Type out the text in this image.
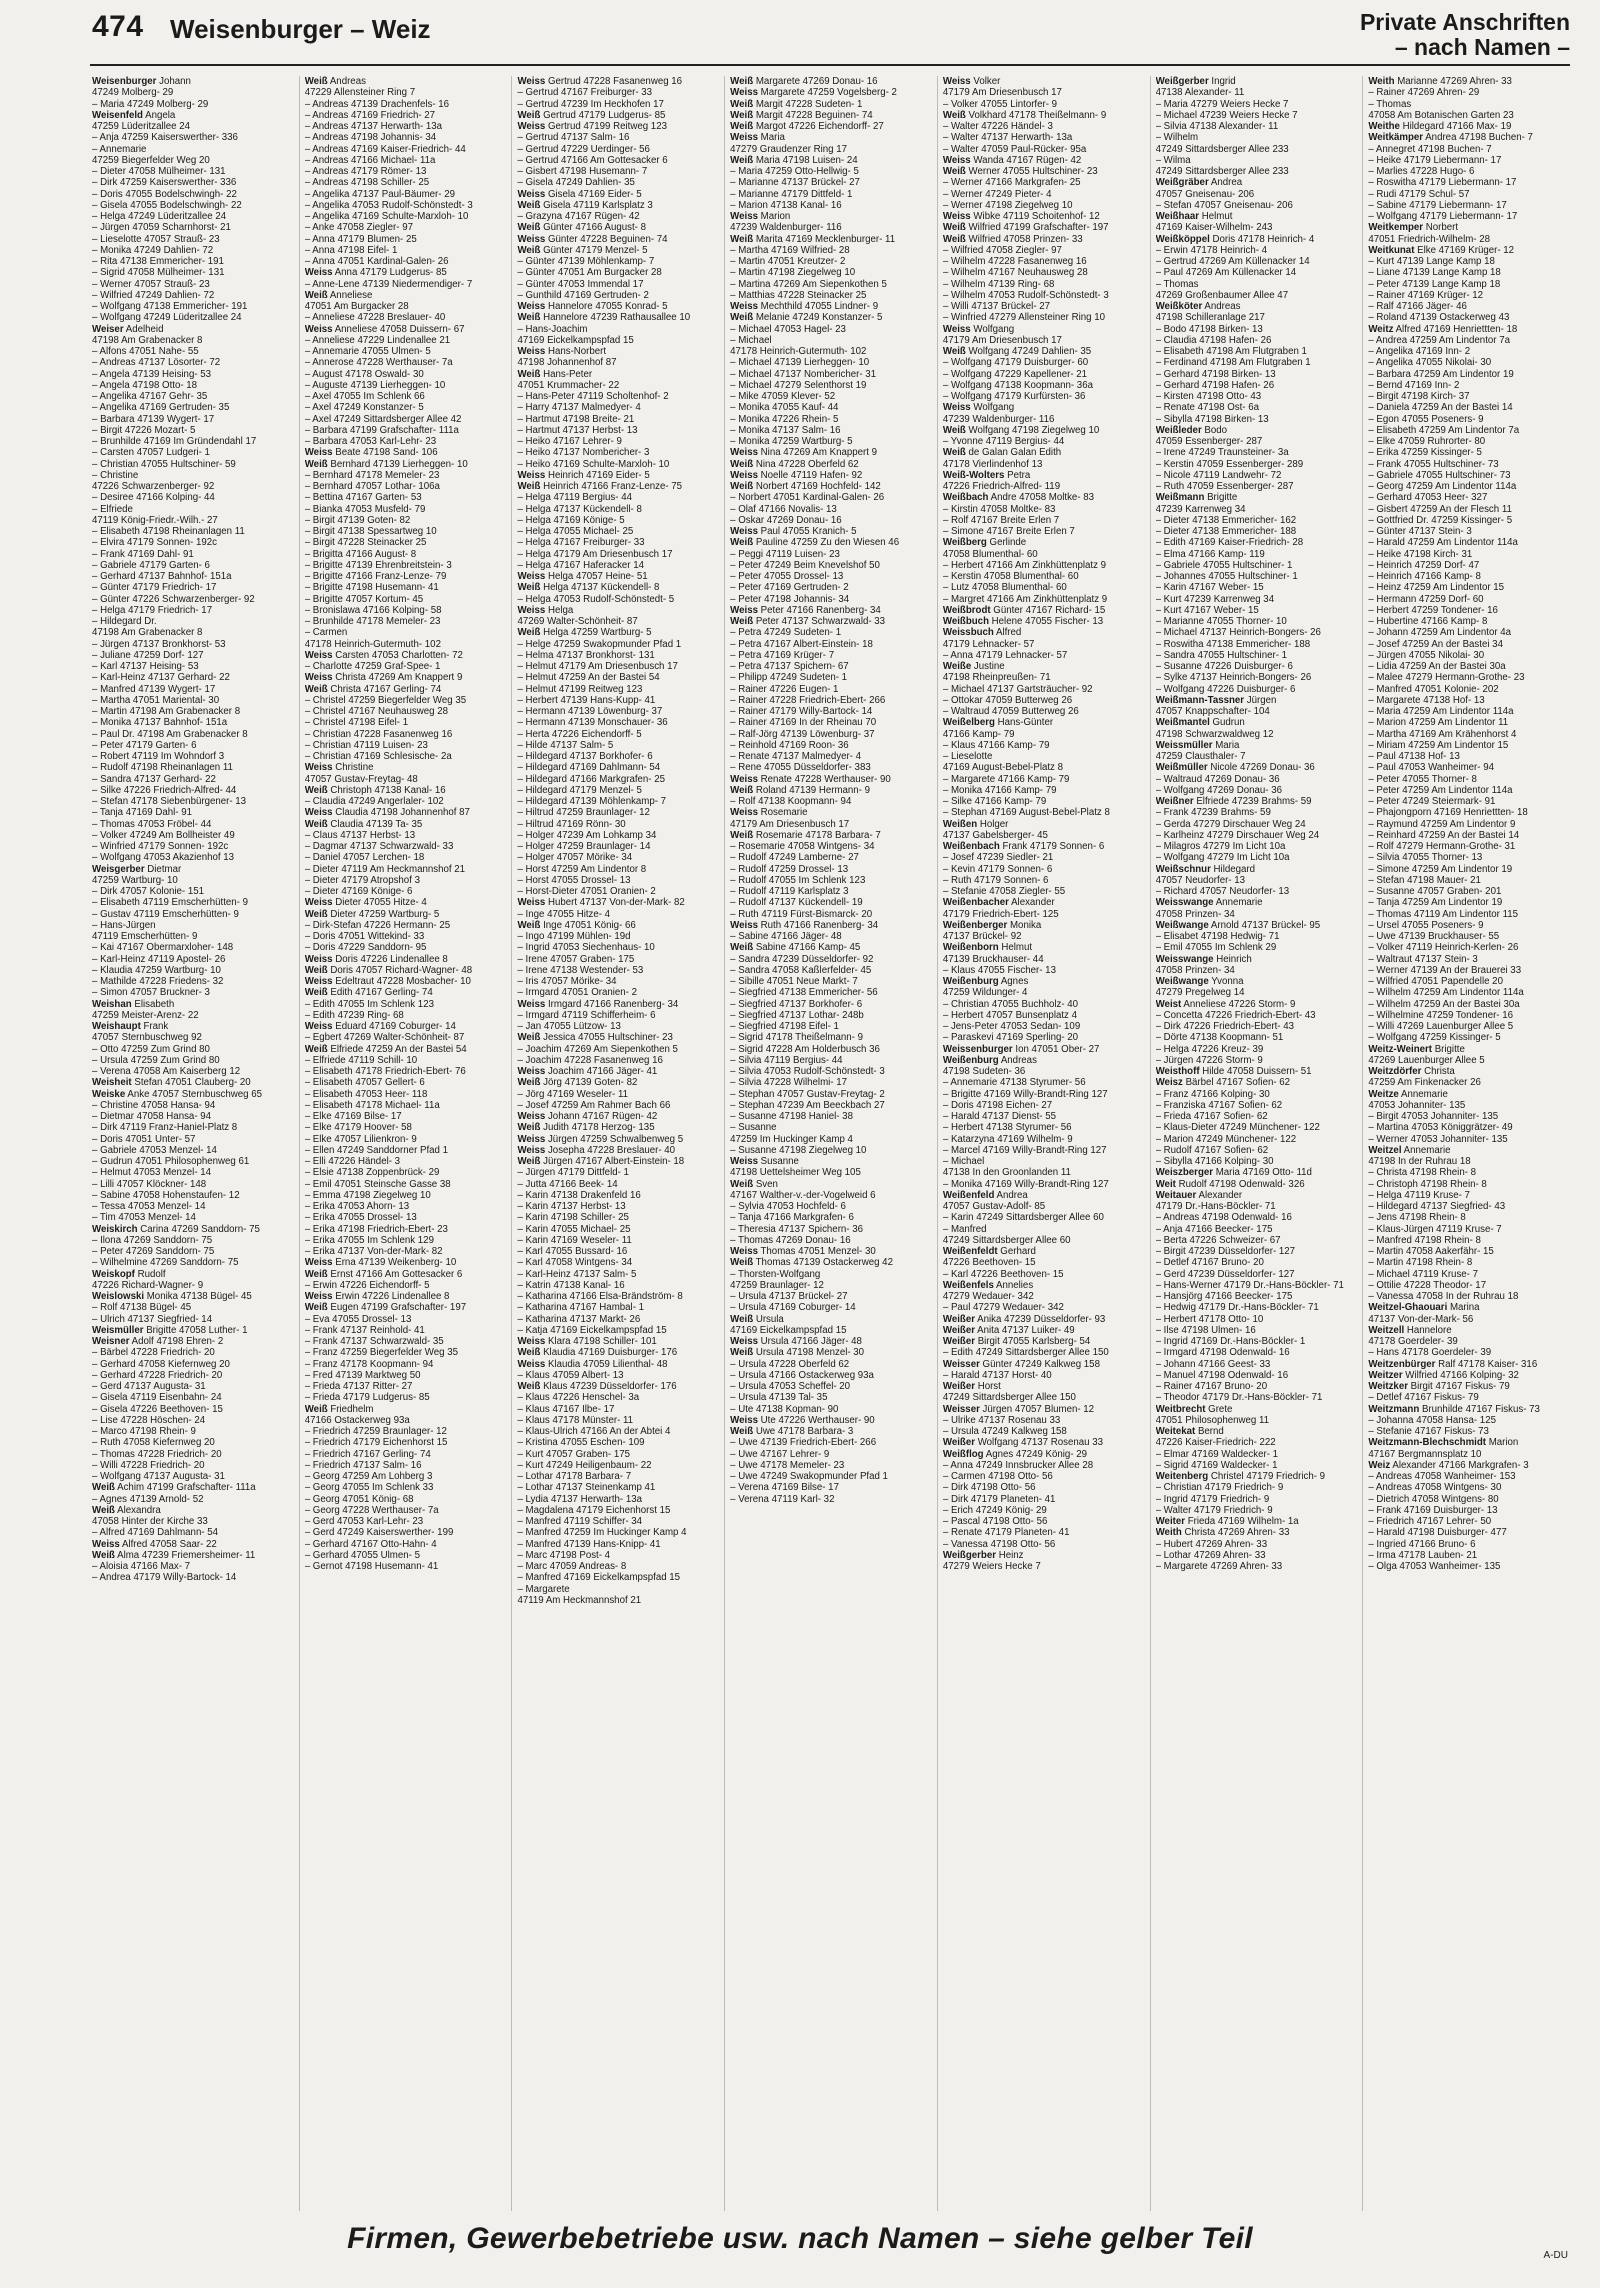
474 Weisenburger – Weiz	Private Anschriften
– nach Namen –
Weisenburger Johann
47249 Molberg- 29
– Maria 47249 Molberg- 29
Weisenfeld Angela
47259 Lüderitzallee 24
– Anja 47259 Kaiserswerther- 336
– Annemarie
47259 Biegerfelder Weg 20
– Dieter 47058 Mülheimer- 131
– Dirk 47259 Kaiserswerther- 336
– Doris 47055 Bodelschwingh- 22
– Gisela 47055 Bodelschwingh- 22
– Helga 47249 Lüderitzallee 24
– Jürgen 47059 Scharnhorst- 21
– Lieselotte 47057 Strauß- 23
– Monika 47249 Dahlien- 72
– Rita 47138 Emmericher- 191
– Sigrid 47058 Mülheimer- 131
– Werner 47057 Strauß- 23
– Wilfried 47249 Dahlien- 72
– Wolfgang 47138 Emmericher- 191
– Wolfgang 47249 Lüderitzallee 24
Weiser Adelheid
47198 Am Grabenacker 8
– Alfons 47051 Nahe- 55
– Andreas 47137 Lösorter- 72
– Angela 47139 Heising- 53
– Angela 47198 Otto- 18
– Angelika 47167 Gehr- 35
– Angelika 47169 Gertruden- 35
– Barbara 47139 Wygert- 17
– Birgit 47226 Mozart- 5
– Brunhilde 47169 Im Gründendahl 17
– Carsten 47057 Ludgeri- 1
– Christian 47055 Hultschiner- 59
– Christine
47226 Schwarzenberger- 92
– Desiree 47166 Kolping- 44
– Elfriede
47119 König-Friedr.-Wilh.- 27
– Elisabeth 47198 Rheinanlagen 11
– Elvira 47179 Sonnen- 192c
– Frank 47169 Dahl- 91
– Gabriele 47179 Garten- 6
– Gerhard 47137 Bahnhof- 151a
– Günter 47179 Friedrich- 17
– Günter 47226 Schwarzenberger- 92
– Helga 47179 Friedrich- 17
– Hildegard Dr.
47198 Am Grabenacker 8
– Jürgen 47137 Bronkhorst- 53
– Juliane 47259 Dorf- 127
– Karl 47137 Heising- 53
– Karl-Heinz 47137 Gerhard- 22
– Manfred 47139 Wygert- 17
– Martha 47051 Mariental- 30
– Martin 47198 Am Grabenacker 8
– Monika 47137 Bahnhof- 151a
– Paul Dr. 47198 Am Grabenacker 8
– Peter 47179 Garten- 6
– Robert 47119 Im Wohndorf 3
– Rudolf 47198 Rheinanlagen 11
– Sandra 47137 Gerhard- 22
– Silke 47226 Friedrich-Alfred- 44
– Stefan 47178 Siebenbürgener- 13
– Tanja 47169 Dahl- 91
– Thomas 47053 Fröbel- 44
– Volker 47249 Am Bollheister 49
– Winfried 47179 Sonnen- 192c
– Wolfgang 47053 Akazienhof 13
Weisgerber Dietmar
47259 Wartburg- 10
– Dirk 47057 Kolonie- 151
– Elisabeth 47119 Emscherhütten- 9
– Gustav 47119 Emscherhütten- 9
– Hans-Jürgen
47119 Emscherhütten- 9
– Kai 47167 Obermarxloher- 148
– Karl-Heinz 47119 Apostel- 26
– Klaudia 47259 Wartburg- 10
– Mathilde 47228 Friedens- 32
– Simon 47057 Bruckner- 3
Weishan Elisabeth
47259 Meister-Arenz- 22
Weishaupt Frank
47057 Sternbuschweg 92
– Otto 47259 Zum Grind 80
– Ursula 47259 Zum Grind 80
– Verena 47058 Am Kaiserberg 12
Weisheit Stefan 47051 Clauberg- 20
Weiske Anke 47057 Sternbuschweg 65
– Christine 47058 Hansa- 94
– Dietmar 47058 Hansa- 94
– Dirk 47119 Franz-Haniel-Platz 8
– Doris 47051 Unter- 57
– Gabriele 47053 Menzel- 14
– Gudrun 47051 Philosophenweg 61
– Helmut 47053 Menzel- 14
– Lilli 47057 Klöckner- 148
– Sabine 47058 Hohenstaufen- 12
– Tessa 47053 Menzel- 14
– Tim 47053 Menzel- 14
Weiskirch Carina 47269 Sanddorn- 75
– Ilona 47269 Sanddorn- 75
– Peter 47269 Sanddorn- 75
– Wilhelmine 47269 Sanddorn- 75
Weiskopf Rudolf
47226 Richard-Wagner- 9
Weislowski Monika 47138 Bügel- 45
– Rolf 47138 Bügel- 45
– Ulrich 47137 Siegfried- 14
Weismüller Brigitte 47058 Luther- 1
Weisner Adolf 47198 Ehren- 2
– Bärbel 47228 Friedrich- 20
– Gerhard 47058 Kiefernweg 20
– Gerhard 47228 Friedrich- 20
– Gerd 47137 Augusta- 31
– Gisela 47119 Eisenbahn- 24
– Gisela 47226 Beethoven- 15
– Lise 47228 Höschen- 24
– Marco 47198 Rhein- 9
– Ruth 47058 Kiefernweg 20
– Thomas 47228 Friedrich- 20
– Willi 47228 Friedrich- 20
– Wolfgang 47137 Augusta- 31
Weiß Achim 47199 Grafschafter- 111a
– Agnes 47139 Arnold- 52
Weiß Alexandra
47058 Hinter der Kirche 33
– Alfred 47169 Dahlmann- 54
Weiss Alfred 47058 Saar- 22
Weiß Alma 47239 Friemersheimer- 11
– Aloisia 47166 Max- 7
– Andrea 47179 Willy-Bartock- 14
Weiß Andreas
47229 Allensteiner Ring 7
– Andreas 47139 Drachenfels- 16
– Andreas 47169 Friedrich- 27
– Andreas 47137 Herwarth- 13a
– Andreas 47198 Johannis- 34
– Andreas 47169 Kaiser-Friedrich- 44
– Andreas 47166 Michael- 11a
– Andreas 47179 Römer- 13
– Andreas 47198 Schiller- 25
– Angelika 47137 Paul-Bäumer- 29
– Angelika 47053 Rudolf-Schönstedt- 3
– Angelika 47169 Schulte-Marxloh- 10
– Anke 47058 Ziegler- 97
– Anna 47179 Blumen- 25
– Anna 47198 Eifel- 1
– Anna 47051 Kardinal-Galen- 26
Weiss Anna 47179 Ludgerus- 85
– Anne-Lene 47139 Niedermendiger- 7
Weiß Anneliese
47051 Am Burgacker 28
– Anneliese 47228 Breslauer- 40
Weiss Anneliese 47058 Duissern- 67
– Anneliese 47229 Lindenallee 21
– Annemarie 47055 Ulmen- 5
– Annerose 47228 Werthauser- 7a
– August 47178 Oswald- 30
– Auguste 47139 Lierheggen- 10
– Axel 47055 Im Schlenk 66
– Axel 47249 Konstanzer- 5
– Axel 47249 Sittardsberger Allee 42
– Barbara 47199 Grafschafter- 111a
– Barbara 47053 Karl-Lehr- 23
Weiss Beate 47198 Sand- 106
Weiß Bernhard 47139 Lierheggen- 10
– Bernhard 47178 Memeler- 23
– Bernhard 47057 Lothar- 106a
– Bettina 47167 Garten- 53
– Bianka 47053 Musfeld- 79
– Birgit 47139 Goten- 82
– Birgit 47138 Spessartweg 10
– Birgit 47228 Steinacker 25
– Brigitta 47166 August- 8
– Brigitte 47139 Ehrenbreitstein- 3
– Brigitte 47166 Franz-Lenze- 79
– Brigitte 47198 Husemann- 41
– Brigitte 47057 Kortum- 45
– Bronislawa 47166 Kolping- 58
– Brunhilde 47178 Memeler- 23
– Carmen
47178 Heinrich-Gutermuth- 102
Weiss Carsten 47053 Charlotten- 72
– Charlotte 47259 Graf-Spee- 1
Weiss Christa 47269 Am Knappert 9
Weiß Christa 47167 Gerling- 74
– Christel 47259 Biegerfelder Weg 35
– Christel 47167 Neuhausweg 28
– Christel 47198 Eifel- 1
– Christian 47228 Fasanenweg 16
– Christian 47119 Luisen- 23
– Christian 47169 Schlesische- 2a
Weiss Christine
47057 Gustav-Freytag- 48
Weiß Christoph 47138 Kanal- 16
– Claudia 47249 Angerlaler- 102
Weiss Claudia 47198 Johannenhof 87
Weiß Claudia 47139 Ta- 35
– Claus 47137 Herbst- 13
– Dagmar 47137 Schwarzwald- 33
– Daniel 47057 Lerchen- 18
– Dieter 47119 Am Heckmannshof 21
– Dieter 47179 Atropshof 3
– Dieter 47169 Könige- 6
Weiss Dieter 47055 Hitze- 4
Weiß Dieter 47259 Wartburg- 5
– Dirk-Stefan 47226 Hermann- 25
– Doris 47051 Wittekind- 33
– Doris 47229 Sanddorn- 95
Weiss Doris 47226 Lindenallee 8
Weiß Doris 47057 Richard-Wagner- 48
Weiss Edeltraut 47228 Mosbacher- 10
Weiß Edith 47167 Gerling- 74
– Edith 47055 Im Schlenk 123
– Edith 47239 Ring- 68
Weiss Eduard 47169 Coburger- 14
– Egbert 47269 Walter-Schönheit- 87
Weiß Elfriede 47259 An der Bastei 54
– Elfriede 47119 Schill- 10
– Elisabeth 47178 Friedrich-Ebert- 76
– Elisabeth 47057 Gellert- 6
– Elisabeth 47053 Heer- 118
– Elisabeth 47178 Michael- 11a
– Elke 47169 Bilse- 17
– Elke 47179 Hoover- 58
– Elke 47057 Lilienkron- 9
– Ellen 47249 Sanddorner Pfad 1
– Elli 47226 Händel- 3
– Elsie 47138 Zoppenbrück- 29
– Emil 47051 Steinsche Gasse 38
– Emma 47198 Ziegelweg 10
– Erika 47053 Ahorn- 13
– Erika 47055 Drossel- 13
– Erika 47198 Friedrich-Ebert- 23
– Erika 47055 Im Schlenk 129
– Erika 47137 Von-der-Mark- 82
Weiss Erna 47139 Weikenberg- 10
Weiß Ernst 47166 Am Gottesacker 6
– Erwin 47226 Eichendorff- 5
Weiss Erwin 47226 Lindenallee 8
Weiß Eugen 47199 Grafschafter- 197
– Eva 47055 Drossel- 13
– Frank 47137 Reinhold- 41
– Frank 47137 Schwarzwald- 35
– Franz 47259 Biegerfelder Weg 35
– Franz 47178 Koopmann- 94
– Fred 47139 Marktweg 50
– Frieda 47137 Ritter- 27
– Frieda 47179 Ludgerus- 85
Weiß Friedhelm
47166 Ostackerweg 93a
– Friedrich 47259 Braunlager- 12
– Friedrich 47179 Eichenhorst 15
– Friedrich 47167 Gerling- 74
– Friedrich 47137 Salm- 16
– Georg 47259 Am Lohberg 3
– Georg 47055 Im Schlenk 33
– Georg 47051 König- 68
– Georg 47228 Werthauser- 7a
– Gerd 47053 Karl-Lehr- 23
– Gerd 47249 Kaiserswerther- 199
– Gerhard 47167 Otto-Hahn- 4
– Gerhard 47055 Ulmen- 5
– Gernot 47198 Husemann- 41
Weiss Gertrud 47228 Fasanenweg 16
– Gertrud 47167 Freiburger- 33
– Gertrud 47239 Im Heckhofen 17
Weiß Gertrud 47179 Ludgerus- 85
Weiss Gertrud 47199 Reitweg 123
– Gertrud 47137 Salm- 16
– Gertrud 47229 Uerdinger- 56
– Gertrud 47166 Am Gottesacker 6
– Gisbert 47198 Husemann- 7
– Gisela 47249 Dahlien- 35
Weiss Gisela 47169 Eider- 5
Weiß Gisela 47119 Karlsplatz 3
– Grazyna 47167 Rügen- 42
Weiß Günter 47166 August- 8
Weiss Günter 47228 Beguinen- 74
Weiß Günter 47179 Menzel- 5
– Günter 47139 Möhlenkamp- 7
– Günter 47051 Am Burgacker 28
– Günter 47053 Immendal 17
– Gunthild 47169 Gertruden- 2
Weiss Hannelore 47055 Konrad- 5
Weiß Hannelore 47239 Rathausallee 10
– Hans-Joachim
47169 Eickelkampspfad 15
Weiss Hans-Norbert
47198 Johannenhof 87
Weiß Hans-Peter
47051 Krummacher- 22
– Hans-Peter 47119 Scholtenhof- 2
– Harry 47137 Malmedyer- 4
– Hartmut 47198 Breite- 21
– Hartmut 47137 Herbst- 13
– Heiko 47167 Lehrer- 9
– Heiko 47137 Nombericher- 3
– Heiko 47169 Schulte-Marxloh- 10
Weiss Heinrich 47169 Eider- 5
Weiß Heinrich 47166 Franz-Lenze- 75
– Helga 47119 Bergius- 44
– Helga 47137 Kückendell- 8
– Helga 47169 Könige- 5
– Helga 47055 Michael- 25
– Helga 47167 Freiburger- 33
– Helga 47179 Am Driesenbusch 17
– Helga 47167 Haferacker 14
Weiss Helga 47057 Heine- 51
Weiß Helga 47137 Kückendell- 8
– Helga 47053 Rudolf-Schönstedt- 5
Weiss Helga
47269 Walter-Schönheit- 87
Weiß Helga 47259 Wartburg- 5
– Helge 47259 Swakopmunder Pfad 1
– Helma 47137 Bronkhorst- 131
– Helmut 47179 Am Driesenbusch 17
– Helmut 47259 An der Bastei 54
– Helmut 47199 Reitweg 123
– Herbert 47139 Hans-Kupp- 41
– Hermann 47139 Löwenburg- 37
– Hermann 47139 Monschauer- 36
– Herta 47226 Eichendorff- 5
– Hilde 47137 Salm- 5
– Hildegard 47137 Borkhofer- 6
– Hildegard 47169 Dahlmann- 54
– Hildegard 47166 Markgrafen- 25
– Hildegard 47179 Menzel- 5
– Hildegard 47139 Möhlenkamp- 7
– Hiltrud 47259 Braunlager- 12
– Hiltrud 47169 Rönn- 30
– Holger 47239 Am Lohkamp 34
– Holger 47259 Braunlager- 14
– Holger 47057 Mörike- 34
– Horst 47259 Am Lindentor 8
– Horst 47055 Drossel- 13
– Horst-Dieter 47051 Oranien- 2
Weiss Hubert 47137 Von-der-Mark- 82
– Inge 47055 Hitze- 4
Weiß Inge 47051 König- 66
– Ingo 47199 Mühlen- 19d
– Ingrid 47053 Siechenhaus- 10
– Irene 47057 Graben- 175
– Irene 47138 Westender- 53
– Iris 47057 Mörike- 34
– Irmgard 47051 Oranien- 2
Weiss Irmgard 47166 Ranenberg- 34
– Irmgard 47119 Schifferheim- 6
– Jan 47055 Lützow- 13
Weiß Jessica 47055 Hultschiner- 23
– Joachim 47269 Am Siepenkothen 5
– Joachim 47228 Fasanenweg 16
Weiss Joachim 47166 Jäger- 41
Weiß Jörg 47139 Goten- 82
– Jörg 47169 Weseler- 11
– Josef 47259 Am Rahmer Bach 66
Weiss Johann 47167 Rügen- 42
Weiß Judith 47178 Herzog- 135
Weiss Jürgen 47259 Schwalbenweg 5
Weiss Josepha 47228 Breslauer- 40
Weiß Jürgen 47167 Albert-Einstein- 18
– Jürgen 47179 Dittfeld- 1
– Jutta 47166 Beek- 14
– Karin 47138 Drakenfeld 16
– Karin 47137 Herbst- 13
– Karin 47198 Schiller- 25
– Karin 47055 Michael- 25
– Karin 47169 Weseler- 11
– Karl 47055 Bussard- 16
– Karl 47058 Wintgens- 34
– Karl-Heinz 47137 Salm- 5
– Katrin 47138 Kanal- 16
– Katharina 47166 Elsa-Brändström- 8
– Katharina 47167 Hambal- 1
– Katharina 47137 Markt- 26
– Katja 47169 Eickelkampspfad 15
Weiss Klara 47198 Schiller- 101
Weiß Klaudia 47169 Duisburger- 176
Weiss Klaudia 47059 Lilienthal- 48
– Klaus 47059 Albert- 13
Weiß Klaus 47239 Düsseldorfer- 176
– Klaus 47226 Henschel- 3a
– Klaus 47167 Ilbe- 17
– Klaus 47178 Münster- 11
– Klaus-Ulrich 47166 An der Abtei 4
– Kristina 47055 Eschen- 109
– Kurt 47057 Graben- 175
– Kurt 47249 Heiligenbaum- 22
– Lothar 47178 Barbara- 7
– Lothar 47137 Steinenkamp 41
– Lydia 47137 Herwarth- 13a
– Magdalena 47179 Eichenhorst 15
– Manfred 47119 Schiffer- 34
– Manfred 47259 Im Huckinger Kamp 4
– Manfred 47139 Hans-Knipp- 41
– Marc 47198 Post- 4
– Marc 47059 Andreas- 8
– Manfred 47169 Eickelkampspfad 15
– Margarete
47119 Am Heckmannshof 21
Weiß Margarete 47269 Donau- 16
Weiss Margarete 47259 Vogelsberg- 2
Weiß Margit 47228 Sudeten- 1
Weiß Margit 47228 Beguinen- 74
Weiß Margot 47226 Eichendorff- 27
Weiss Maria
47279 Graudenzer Ring 17
Weiß Maria 47198 Luisen- 24
– Maria 47259 Otto-Hellwig- 5
– Marianne 47137 Brückel- 27
– Marianne 47179 Dittfeld- 1
– Marion 47138 Kanal- 16
Weiss Marion
47239 Waldenburger- 116
Weiß Marita 47169 Mecklenburger- 11
– Martha 47169 Wilfried- 28
– Martin 47051 Kreutzer- 2
– Martin 47198 Ziegelweg 10
– Martina 47269 Am Siepenkothen 5
– Matthias 47228 Steinacker 25
Weiss Mechthild 47055 Lindner- 9
Weiß Melanie 47249 Konstanzer- 5
– Michael 47053 Hagel- 23
– Michael
47178 Heinrich-Gutermuth- 102
– Michael 47139 Lierheggen- 10
– Michael 47137 Nombericher- 31
– Michael 47279 Selenthorst 19
– Mike 47059 Klever- 52
– Monika 47055 Kauf- 44
– Monika 47226 Rhein- 5
– Monika 47137 Salm- 16
– Monika 47259 Wartburg- 5
Weiss Nina 47269 Am Knappert 9
Weiß Nina 47228 Oberfeld 62
Weiss Noelle 47119 Hafen- 92
Weiß Norbert 47169 Hochfeld- 142
– Norbert 47051 Kardinal-Galen- 26
– Olaf 47166 Novalis- 13
– Oskar 47269 Donau- 16
Weiss Paul 47055 Kranich- 5
Weiß Pauline 47259 Zu den Wiesen 46
– Peggi 47119 Luisen- 23
– Peter 47249 Beim Knevelshof 50
– Peter 47055 Drossel- 13
– Peter 47169 Gertruden- 2
– Peter 47198 Johannis- 34
Weiss Peter 47166 Ranenberg- 34
Weiß Peter 47137 Schwarzwald- 33
– Petra 47249 Sudeten- 1
– Petra 47167 Albert-Einstein- 18
– Petra 47169 Krüger- 7
– Petra 47137 Spichern- 67
– Philipp 47249 Sudeten- 1
– Rainer 47226 Eugen- 1
– Rainer 47228 Friedrich-Ebert- 266
– Rainer 47179 Willy-Bartock- 14
– Rainer 47169 In der Rheinau 70
– Ralf-Jörg 47139 Löwenburg- 37
– Reinhold 47169 Roon- 36
– Renate 47137 Malmedyer- 4
– Rene 47055 Düsseldorfer- 383
Weiss Renate 47228 Werthauser- 90
Weiß Roland 47139 Hermann- 9
– Rolf 47138 Koopmann- 94
Weiss Rosemarie
47179 Am Driesenbusch 17
Weiß Rosemarie 47178 Barbara- 7
– Rosemarie 47058 Wintgens- 34
– Rudolf 47249 Lamberne- 27
– Rudolf 47259 Drossel- 13
– Rudolf 47055 Im Schlenk 123
– Rudolf 47119 Karlsplatz 3
– Rudolf 47137 Kückendell- 19
– Ruth 47119 Fürst-Bismarck- 20
Weiss Ruth 47166 Ranenberg- 34
– Sabine 47166 Jäger- 48
Weiß Sabine 47166 Kamp- 45
– Sandra 47239 Düsseldorfer- 92
– Sandra 47058 Kaßlerfelder- 45
– Sibille 47051 Neue Markt- 7
– Siegfried 47138 Emmericher- 56
– Siegfried 47137 Borkhofer- 6
– Siegfried 47137 Lothar- 248b
– Siegfried 47198 Eifel- 1
– Sigrid 47178 Theißelmann- 9
– Sigrid 47228 Am Holderbusch 36
– Silvia 47119 Bergius- 44
– Silvia 47053 Rudolf-Schönstedt- 3
– Silvia 47228 Wilhelmi- 17
– Stephan 47057 Gustav-Freytag- 2
– Stephan 47239 Am Beeckbach 27
– Susanne 47198 Haniel- 38
– Susanne
47259 Im Huckinger Kamp 4
– Susanne 47198 Ziegelweg 10
Weiss Susanne
47198 Uettelsheimer Weg 105
Weiß Sven
47167 Walther-v.-der-Vogelweid 6
– Sylvia 47053 Hochfeld- 6
– Tanja 47166 Markgrafen- 6
– Theresia 47137 Spichern- 36
– Thomas 47269 Donau- 16
Weiss Thomas 47051 Menzel- 30
Weiß Thomas 47139 Ostackerweg 42
– Thorsten-Wolfgang
47259 Braunlager- 12
– Ursula 47137 Brückel- 27
– Ursula 47169 Coburger- 14
Weiß Ursula
47169 Eickelkampspfad 15
Weiss Ursula 47166 Jäger- 48
Weiß Ursula 47198 Menzel- 30
– Ursula 47228 Oberfeld 62
– Ursula 47166 Ostackerweg 93a
– Ursula 47053 Scheffel- 20
– Ursula 47139 Tal- 35
– Ute 47138 Kopman- 90
Weiss Ute 47226 Werthauser- 90
Weiß Uwe 47178 Barbara- 3
– Uwe 47139 Friedrich-Ebert- 266
– Uwe 47167 Lehrer- 9
– Uwe 47178 Memeler- 23
– Uwe 47249 Swakopmunder Pfad 1
– Verena 47169 Bilse- 17
– Verena 47119 Karl- 32
Weiss Volker
47179 Am Driesenbusch 17
– Volker 47055 Lintorfer- 9
Weiß Volkhard 47178 Theißelmann- 9
– Walter 47226 Händel- 3
– Walter 47137 Herwarth- 13a
– Walter 47059 Paul-Rücker- 95a
Weiss Wanda 47167 Rügen- 42
Weiß Werner 47055 Hultschiner- 23
– Werner 47166 Markgrafen- 25
– Werner 47249 Pieter- 4
– Werner 47198 Ziegelweg 10
Weiss Wibke 47119 Schoitenhof- 12
Weiß Wilfried 47199 Grafschafter- 197
Weiß Wilfried 47058 Prinzen- 33
– Wilfried 47058 Ziegler- 97
– Wilhelm 47228 Fasanenweg 16
– Wilhelm 47167 Neuhausweg 28
– Wilhelm 47139 Ring- 68
– Wilhelm 47053 Rudolf-Schönstedt- 3
– Willi 47137 Brückel- 27
– Winfried 47279 Allensteiner Ring 10
Weiss Wolfgang
47179 Am Driesenbusch 17
Weiß Wolfgang 47249 Dahlien- 35
– Wolfgang 47179 Duisburger- 60
– Wolfgang 47229 Kapellener- 21
– Wolfgang 47138 Koopmann- 36a
– Wolfgang 47179 Kurfürsten- 36
Weiss Wolfgang
47239 Waldenburger- 116
Weiß Wolfgang 47198 Ziegelweg 10
– Yvonne 47119 Bergius- 44
Weiß de Galan Galan Edith
47178 Vierlindenhof 13
Weiß-Wolters Petra
47226 Friedrich-Alfred- 119
Weißbach Andre 47058 Moltke- 83
– Kirstin 47058 Moltke- 83
– Rolf 47167 Breite Erlen 7
– Simone 47167 Breite Erlen 7
Weißberg Gerlinde
47058 Blumenthal- 60
– Herbert 47166 Am Zinkhüttenplatz 9
– Kerstin 47058 Blumenthal- 60
– Lutz 47058 Blumenthal- 60
– Margret 47166 Am Zinkhüttenplatz 9
Weißbrodt Günter 47167 Richard- 15
Weißbuch Helene 47055 Fischer- 13
Weissbuch Alfred
47179 Lehnacker- 57
– Anna 47179 Lehnacker- 57
Weiße Justine
47198 Rheinpreußen- 71
– Michael 47137 Gartsträucher- 92
– Ottokar 47059 Butterweg 26
– Waltraud 47059 Butterweg 26
Weißelberg Hans-Günter
47166 Kamp- 79
– Klaus 47166 Kamp- 79
– Lieselotte
47169 August-Bebel-Platz 8
– Margarete 47166 Kamp- 79
– Monika 47166 Kamp- 79
– Silke 47166 Kamp- 79
– Stephan 47169 August-Bebel-Platz 8
Weißen Holger
47137 Gabelsberger- 45
Weißenbach Frank 47179 Sonnen- 6
– Josef 47239 Siedler- 21
– Kevin 47179 Sonnen- 6
– Ruth 47179 Sonnen- 6
– Stefanie 47058 Ziegler- 55
Weißenbacher Alexander
47179 Friedrich-Ebert- 125
Weißenberger Monika
47137 Brückel- 92
Weißenborn Helmut
47139 Bruckhauser- 44
– Klaus 47055 Fischer- 13
Weißenburg Agnes
47259 Wildunger- 4
– Christian 47055 Buchholz- 40
– Herbert 47057 Bunsenplatz 4
– Jens-Peter 47053 Sedan- 109
– Paraskevi 47169 Sperling- 20
Weissenburger Ion 47051 Ober- 27
Weißenburg Andreas
47198 Sudeten- 36
– Annemarie 47138 Styrumer- 56
– Brigitte 47169 Willy-Brandt-Ring 127
– Doris 47198 Eichen- 27
– Harald 47137 Dienst- 55
– Herbert 47138 Styrumer- 56
– Katarzyna 47169 Wilhelm- 9
– Marcel 47169 Willy-Brandt-Ring 127
– Michael
47138 In den Groonlanden 11
– Monika 47169 Willy-Brandt-Ring 127
Weißenfeld Andrea
47057 Gustav-Adolf- 85
– Karin 47249 Sittardsberger Allee 60
– Manfred
47249 Sittardsberger Allee 60
Weißenfeldt Gerhard
47226 Beethoven- 15
– Karl 47226 Beethoven- 15
Weißenfels Annelies
47279 Wedauer- 342
– Paul 47279 Wedauer- 342
Weißer Anika 47239 Düsseldorfer- 93
Weißer Anita 47137 Luiker- 49
Weißer Birgit 47055 Karlsberg- 54
– Edith 47249 Sittardsberger Allee 150
Weisser Günter 47249 Kalkweg 158
– Harald 47137 Horst- 40
Weißer Horst
47249 Sittardsberger Allee 150
Weisser Jürgen 47057 Blumen- 12
– Ulrike 47137 Rosenau 33
– Ursula 47249 Kalkweg 158
Weißer Wolfgang 47137 Rosenau 33
Weißflog Agnes 47249 König- 29
– Anna 47249 Innsbrucker Allee 28
– Carmen 47198 Otto- 56
– Dirk 47198 Otto- 56
– Dirk 47179 Planeten- 41
– Erich 47249 König- 29
– Pascal 47198 Otto- 56
– Renate 47179 Planeten- 41
– Vanessa 47198 Otto- 56
Weißgerber Heinz
47279 Weiers Hecke 7
Weißgerber Ingrid
47138 Alexander- 11
– Maria 47279 Weiers Hecke 7
– Michael 47239 Weiers Hecke 7
– Silvia 47138 Alexander- 11
– Wilhelm
47249 Sittardsberger Allee 233
– Wilma
47249 Sittardsberger Allee 233
Weißgräber Andrea
47057 Gneisenau- 206
– Stefan 47057 Gneisenau- 206
Weißhaar Helmut
47169 Kaiser-Wilhelm- 243
Weißköppel Doris 47178 Heinrich- 4
– Erwin 47178 Heinrich- 4
– Gertrud 47269 Am Küllenacker 14
– Paul 47269 Am Küllenacker 14
– Thomas
47269 Großenbaumer Allee 47
Weißköter Andreas
47198 Schilleranlage 217
– Bodo 47198 Birken- 13
– Claudia 47198 Hafen- 26
– Elisabeth 47198 Am Flutgraben 1
– Ferdinand 47198 Am Flutgraben 1
– Gerhard 47198 Birken- 13
– Gerhard 47198 Hafen- 26
– Kirsten 47198 Otto- 43
– Renate 47198 Ost- 6a
– Sibylla 47198 Birken- 13
Weißleder Bodo
47059 Essenberger- 287
– Irene 47249 Traunsteiner- 3a
– Kerstin 47059 Essenberger- 289
– Nicole 47119 Landwehr- 72
– Ruth 47059 Essenberger- 287
Weißmann Brigitte
47239 Karrenweg 34
– Dieter 47138 Emmericher- 162
– Dieter 47138 Emmericher- 188
– Edith 47169 Kaiser-Friedrich- 28
– Elma 47166 Kamp- 119
– Gabriele 47055 Hultschiner- 1
– Johannes 47055 Hultschiner- 1
– Karin 47167 Weber- 15
– Kurt 47239 Karrenweg 34
– Kurt 47167 Weber- 15
– Marianne 47055 Thorner- 10
– Michael 47137 Heinrich-Bongers- 26
– Roswitha 47138 Emmericher- 188
– Sandra 47055 Hultschiner- 1
– Susanne 47226 Duisburger- 6
– Sylke 47137 Heinrich-Bongers- 26
– Wolfgang 47226 Duisburger- 6
Weißmann-Tassner Jürgen
47057 Knappschafter- 104
Weißmantel Gudrun
47198 Schwarzwaldweg 12
Weissmüller Maria
47259 Clausthaler- 7
Weißmüller Nicole 47269 Donau- 36
– Waltraud 47269 Donau- 36
– Wolfgang 47269 Donau- 36
Weißner Elfriede 47239 Brahms- 59
– Frank 47239 Brahms- 59
– Gerda 47279 Dirschauer Weg 24
– Karlheinz 47279 Dirschauer Weg 24
– Milagros 47279 Im Licht 10a
– Wolfgang 47279 Im Licht 10a
Weißschnur Hildegard
47057 Neudorfer- 13
– Richard 47057 Neudorfer- 13
Weisswange Annemarie
47058 Prinzen- 34
Weißwange Arnold 47137 Brückel- 95
– Elisabet 47198 Hedwig- 71
– Emil 47055 Im Schlenk 29
Weisswange Heinrich
47058 Prinzen- 34
Weißwange Yvonna
47279 Pregelweg 14
Weist Anneliese 47226 Storm- 9
– Concetta 47226 Friedrich-Ebert- 43
– Dirk 47226 Friedrich-Ebert- 43
– Dörte 47138 Koopmann- 51
– Helga 47226 Kreuz- 39
– Jürgen 47226 Storm- 9
Weisthoff Hilde 47058 Duissern- 51
Weisz Bärbel 47167 Sofien- 62
– Franz 47166 Kolping- 30
– Franziska 47167 Sofien- 62
– Frieda 47167 Sofien- 62
– Klaus-Dieter 47249 Münchener- 122
– Marion 47249 Münchener- 122
– Rudolf 47167 Sofien- 62
– Sibylla 47166 Kolping- 30
Weiszberger Maria 47169 Otto- 11d
Weit Rudolf 47198 Odenwald- 326
Weitauer Alexander
47179 Dr.-Hans-Böckler- 71
– Andreas 47198 Odenwald- 16
– Anja 47166 Beecker- 175
– Berta 47226 Schweizer- 67
– Birgit 47239 Düsseldorfer- 127
– Detlef 47167 Bruno- 20
– Gerd 47239 Düsseldorfer- 127
– Hans-Werner 47179 Dr.-Hans-Böckler- 71
– Hansjörg 47166 Beecker- 175
– Hedwig 47179 Dr.-Hans-Böckler- 71
– Herbert 47178 Otto- 10
– Ilse 47198 Ulmen- 16
– Ingrid 47169 Dr.-Hans-Böckler- 1
– Irmgard 47198 Odenwald- 16
– Johann 47166 Geest- 33
– Manuel 47198 Odenwald- 16
– Rainer 47167 Bruno- 20
– Theodor 47179 Dr.-Hans-Böckler- 71
Weitbrecht Grete
47051 Philosophenweg 11
Weitekat Bernd
47226 Kaiser-Friedrich- 222
– Elmar 47169 Waldecker- 1
– Sigrid 47169 Waldecker- 1
Weitenberg Christel 47179 Friedrich- 9
– Christian 47179 Friedrich- 9
– Ingrid 47179 Friedrich- 9
– Walter 47179 Friedrich- 9
Weiter Frieda 47169 Wilhelm- 1a
Weith Christa 47269 Ahren- 33
– Hubert 47269 Ahren- 33
– Lothar 47269 Ahren- 33
– Margarete 47269 Ahren- 33
Weith Marianne 47269 Ahren- 33
– Rainer 47269 Ahren- 29
– Thomas
47058 Am Botanischen Garten 23
Weithe Hildegard 47166 Max- 19
Weitkämper Andrea 47198 Buchen- 7
– Annegret 47198 Buchen- 7
– Heike 47179 Liebermann- 17
– Marlies 47228 Hugo- 6
– Roswitha 47179 Liebermann- 17
– Rudi 47179 Schul- 57
– Sabine 47179 Liebermann- 17
– Wolfgang 47179 Liebermann- 17
Weitkemper Norbert
47051 Friedrich-Wilhelm- 28
Weitkunat Elke 47169 Krüger- 12
– Kurt 47139 Lange Kamp 18
– Liane 47139 Lange Kamp 18
– Peter 47139 Lange Kamp 18
– Rainer 47169 Krüger- 12
– Ralf 47166 Jäger- 46
– Roland 47139 Ostackerweg 43
Weitz Alfred 47169 Henriettten- 18
– Andrea 47259 Am Lindentor 7a
– Angelika 47169 Inn- 2
– Angelika 47055 Nikolai- 30
– Barbara 47259 Am Lindentor 19
– Bernd 47169 Inn- 2
– Birgit 47198 Kirch- 37
– Daniela 47259 An der Bastei 14
– Egon 47055 Poseners- 9
– Elisabeth 47259 Am Lindentor 7a
– Elke 47059 Ruhrorter- 80
– Erika 47259 Kissinger- 5
– Frank 47055 Hultschiner- 73
– Gabriele 47055 Hultschiner- 73
– Georg 47259 Am Lindentor 114a
– Gerhard 47053 Heer- 327
– Gisbert 47259 An der Flesch 11
– Gottfried Dr. 47259 Kissinger- 5
– Günter 47137 Stein- 3
– Harald 47259 Am Lindentor 114a
– Heike 47198 Kirch- 31
– Heinrich 47259 Dorf- 47
– Heinrich 47166 Kamp- 8
– Heinz 47259 Am Lindentor 15
– Hermann 47259 Dorf- 60
– Herbert 47259 Tondener- 16
– Hubertine 47166 Kamp- 8
– Johann 47259 Am Lindentor 4a
– Josef 47259 An der Bastei 34
– Jürgen 47055 Nikolai- 30
– Lidia 47259 An der Bastei 30a
– Malee 47279 Hermann-Grothe- 23
– Manfred 47051 Kolonie- 202
– Margarete 47138 Hof- 13
– Maria 47259 Am Lindentor 114a
– Marion 47259 Am Lindentor 11
– Martha 47169 Am Krähenhorst 4
– Miriam 47259 Am Lindentor 15
– Paul 47138 Hof- 13
– Paul 47053 Wanheimer- 94
– Peter 47055 Thorner- 8
– Peter 47259 Am Lindentor 114a
– Peter 47249 Steiermark- 91
– Phajongporn 47169 Henriettten- 18
– Raymund 47259 Am Lindentor 9
– Reinhard 47259 An der Bastei 14
– Rolf 47279 Hermann-Grothe- 31
– Silvia 47055 Thorner- 13
– Simone 47259 Am Lindentor 19
– Stefan 47198 Mauer- 21
– Susanne 47057 Graben- 201
– Tanja 47259 Am Lindentor 19
– Thomas 47119 Am Lindentor 115
– Ursel 47055 Poseners- 9
– Uwe 47139 Bruckhauser- 55
– Volker 47119 Heinrich-Kerlen- 26
– Waltraut 47137 Stein- 3
– Werner 47139 An der Brauerei 33
– Wilfried 47051 Papendelle 20
– Wilhelm 47259 Am Lindentor 114a
– Wilhelm 47259 An der Bastei 30a
– Wilhelmine 47259 Tondener- 16
– Willi 47269 Lauenburger Allee 5
– Wolfgang 47259 Kissinger- 5
Weitz-Weinert Brigitte
47269 Lauenburger Allee 5
Weitzdörfer Christa
47259 Am Finkenacker 26
Weitze Annemarie
47053 Johanniter- 135
– Birgit 47053 Johanniter- 135
– Martina 47053 Königgrätzer- 49
– Werner 47053 Johanniter- 135
Weitzel Annemarie
47198 In der Ruhrau 18
– Christa 47198 Rhein- 8
– Christoph 47198 Rhein- 8
– Helga 47119 Kruse- 7
– Hildegard 47137 Siegfried- 43
– Jens 47198 Rhein- 8
– Klaus-Jürgen 47119 Kruse- 7
– Manfred 47198 Rhein- 8
– Martin 47058 Aakerfähr- 15
– Martin 47198 Rhein- 8
– Michael 47119 Kruse- 7
– Ottilie 47228 Theodor- 17
– Vanessa 47058 In der Ruhrau 18
Weitzel-Ghaouari Marina
47137 Von-der-Mark- 56
Weitzell Hannelore
47178 Goerdeler- 39
– Hans 47178 Goerdeler- 39
Weitzenbürger Ralf 47178 Kaiser- 316
Weitzer Wilfried 47166 Kolping- 32
Weitzker Birgit 47167 Fiskus- 79
– Detlef 47167 Fiskus- 79
Weitzmann Brunhilde 47167 Fiskus- 73
– Johanna 47058 Hansa- 125
– Stefanie 47167 Fiskus- 73
Weitzmann-Blechschmidt Marion
47167 Bergmannsplatz 10
Weiz Alexander 47166 Markgrafen- 3
– Andreas 47058 Wanheimer- 153
– Andreas 47058 Wintgens- 30
– Dietrich 47058 Wintgens- 80
– Frank 47169 Duisburger- 13
– Friedrich 47167 Lehrer- 50
– Harald 47198 Duisburger- 477
– Ingried 47166 Bruno- 6
– Irma 47178 Lauben- 21
– Olga 47053 Wanheimer- 135
Firmen, Gewerbebetriebe usw. nach Namen – siehe gelber Teil
A-DU
